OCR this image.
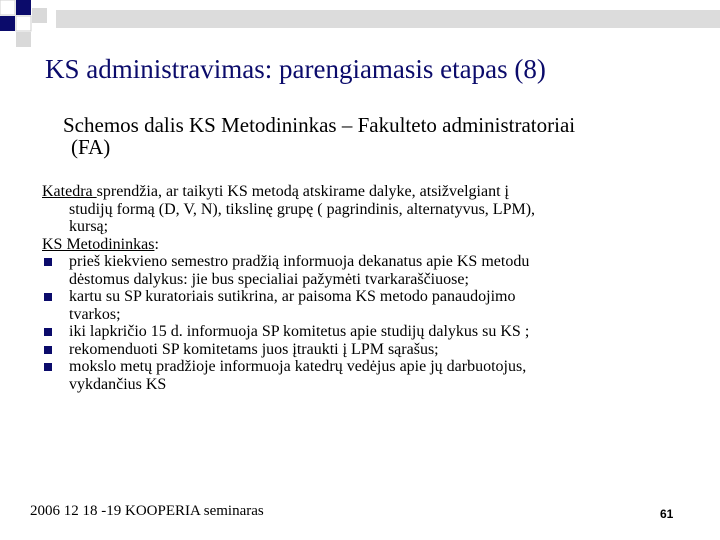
KS administravimas: parengiamasis etapas (8)
Schemos dalis KS Metodininkas – Fakulteto administratoriai
(FA)
Katedra sprendžia, ar taikyti KS metodą atskirame dalyke, atsižvelgiant į
studijų formą (D, V, N), tikslinę grupę ( pagrindinis, alternatyvus, LPM),
kursą;
KS Metodininkas:
prieš kiekvieno semestro pradžią informuoja dekanatus apie KS metodu
dėstomus dalykus: jie bus specialiai pažymėti tvarkaraščiuose;
kartu su SP kuratoriais sutikrina, ar paisoma KS metodo panaudojimo
tvarkos;
iki lapkričio 15 d. informuoja SP komitetus apie studijų dalykus su KS ;
rekomenduoti SP komitetams juos įtraukti į LPM sąrašus;
mokslo metų pradžioje informuoja katedrų vedėjus apie jų darbuotojus,
vykdančius KS
2006 12 18 -19 KOOPERIA seminaras	61
